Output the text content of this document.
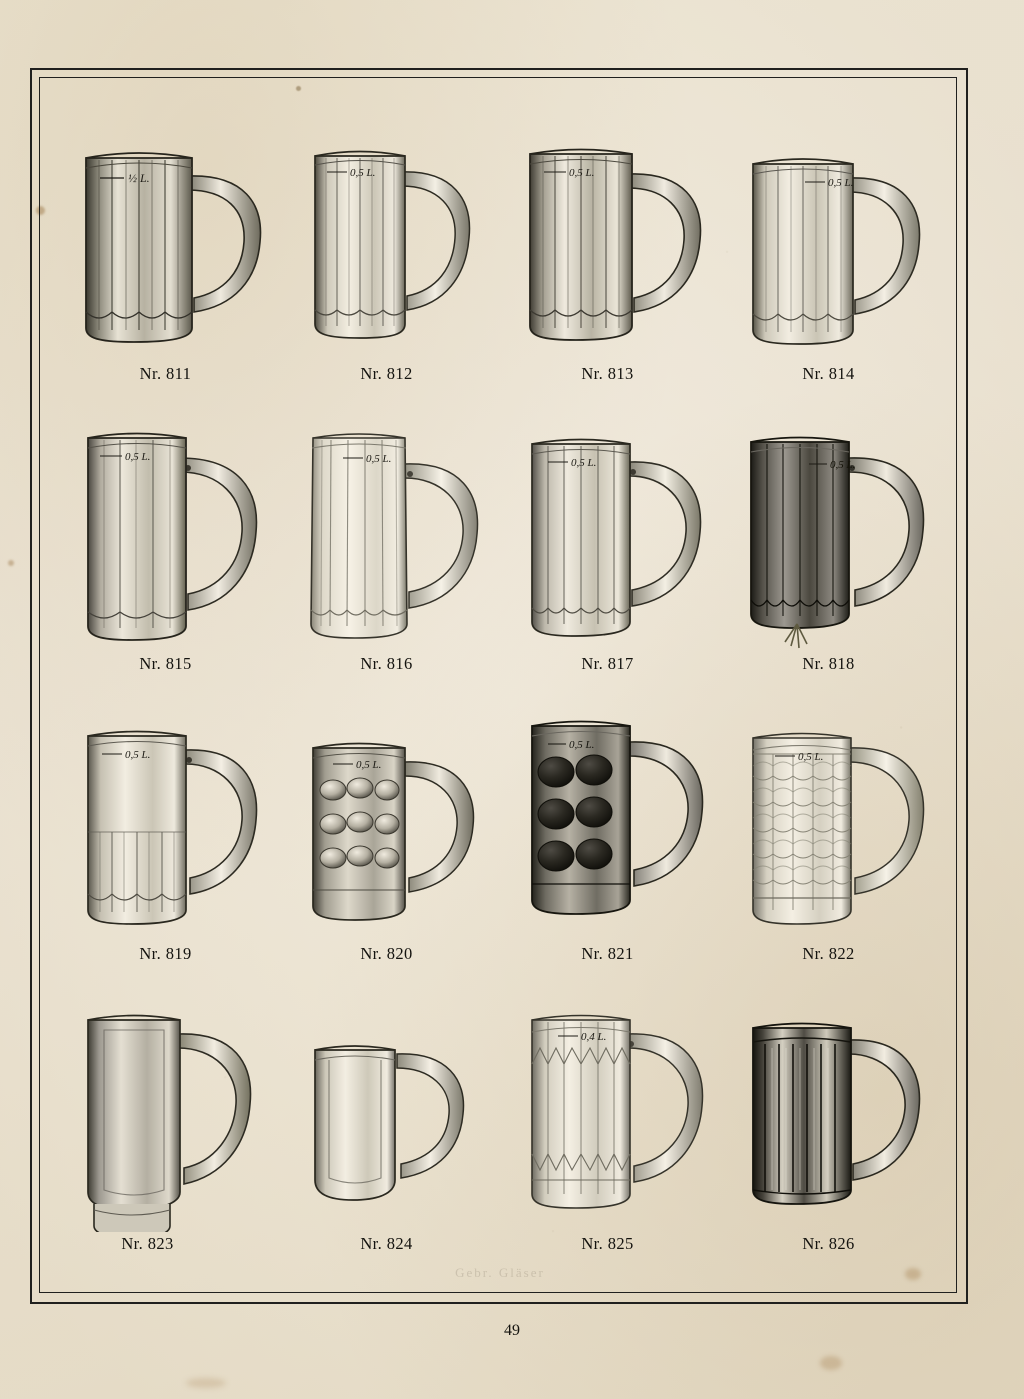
½ L.
Nr. 811
0,5 L.
Nr. 812
0,5 L.
Nr. 813
0,5 L.
Nr. 814
0,5 L.
Nr. 815
0,5 L.
Nr. 816
0,5 L.
Nr. 817
0,5 L.
Nr. 818
0,5 L.
Nr. 819
0,5 L.
Nr. 820
0,5 L.
Nr. 821
0,5 L.
Nr. 822
Nr. 823	Nr. 824
0,4 L.
Nr. 825	Nr. 826
Gebr. Gläser
49
